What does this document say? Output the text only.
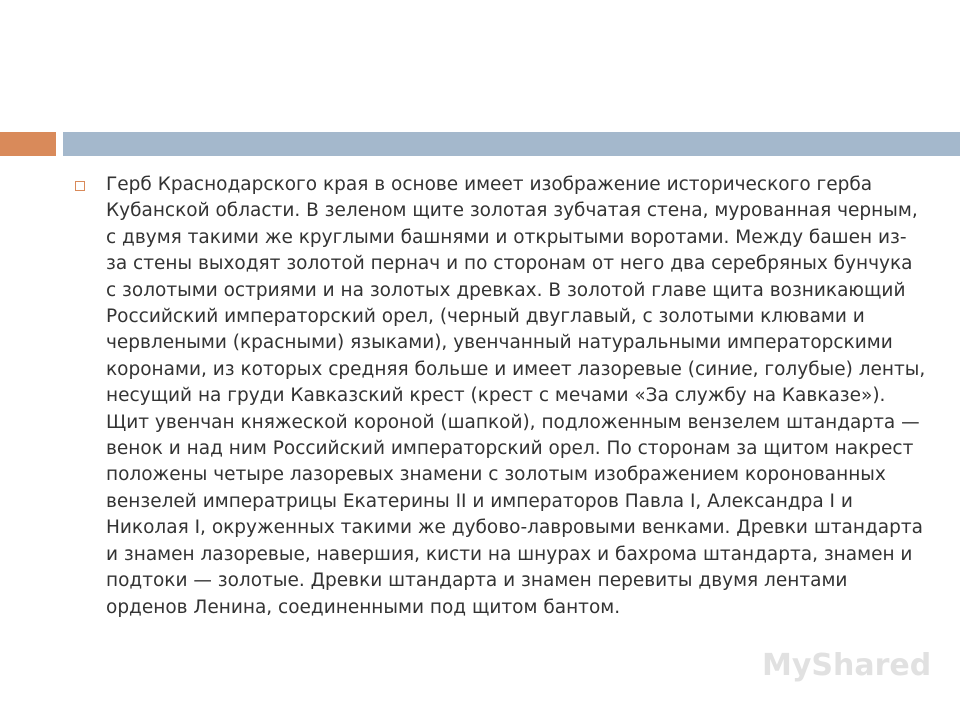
Герб Краснодарского края в основе имеет изображение исторического герба Кубанской области. В зеленом щите золотая зубчатая стена, мурованная черным, с двумя такими же круглыми башнями и открытыми воротами. Между башен из-за стены выходят золотой пернач и по сторонам от него два серебряных бунчука с золотыми остриями и на золотых древках. В золотой главе щита возникающий Российский императорский орел, (черный двуглавый, с золотыми клювами и червлеными (красными) языками), увенчанный натуральными императорскими коронами, из которых средняя больше и имеет лазоревые (синие, голубые) ленты, несущий на груди Кавказский крест (крест с мечами «За службу на Кавказе»). Щит увенчан княжеской короной (шапкой), подложенным вензелем штандарта — венок и над ним Российский императорский орел. По сторонам за щитом накрест положены четыре лазоревых знамени с золотым изображением коронованных вензелей императрицы Екатерины II и императоров Павла I, Александра I и Николая I, окруженных такими же дубово-лавровыми венками. Древки штандарта и знамен лазоревые, навершия, кисти на шнурах и бахрома штандарта, знамен и подтоки — золотые. Древки штандарта и знамен перевиты двумя лентами орденов Ленина, соединенными под щитом бантом.

MyShared
